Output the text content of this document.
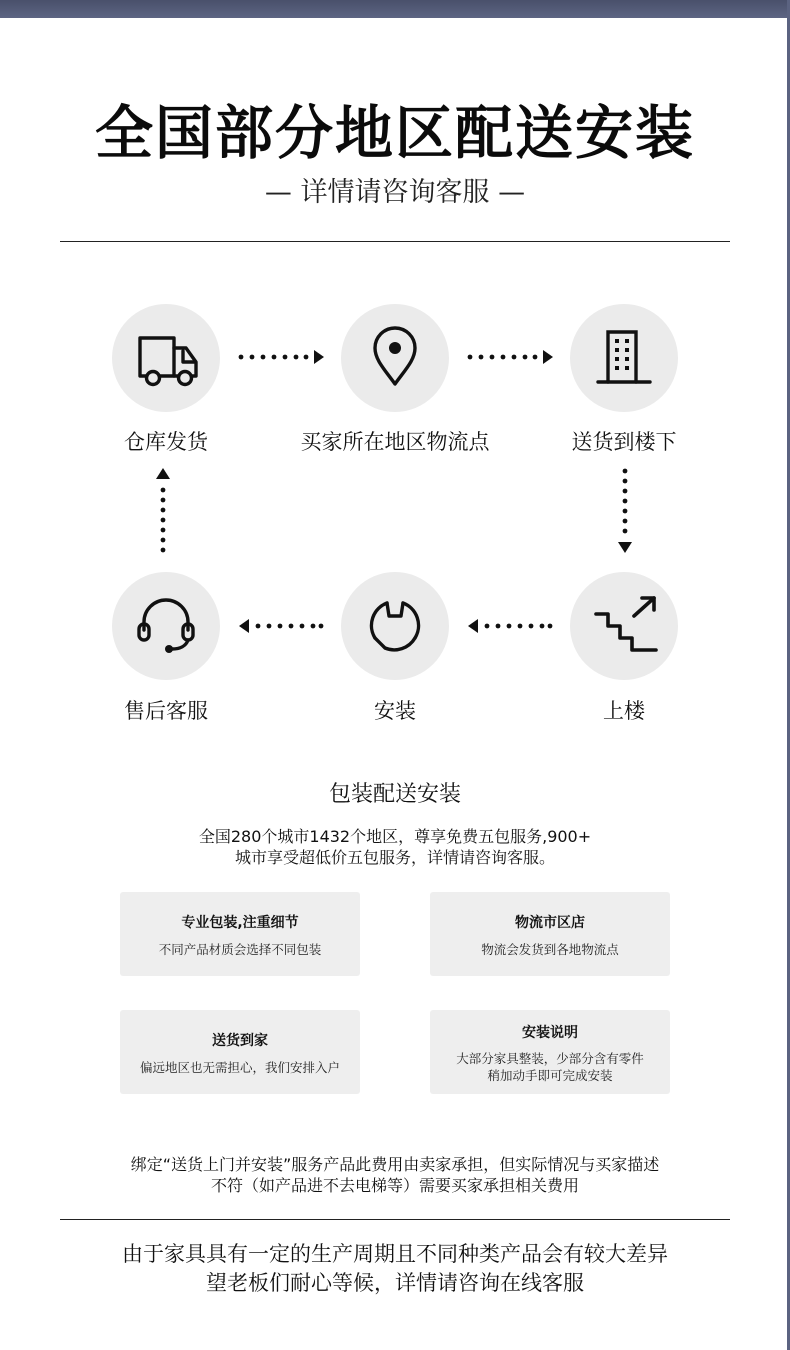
全国部分地区配送安装
— 详情请咨询客服 —
仓库发货	买家所在地区物流点	送货到楼下
上楼
安装
售后客服
包装配送安装
全国280个城市1432个地区，尊享免费五包服务,900+
城市享受超低价五包服务，详情请咨询客服。
专业包装,注重细节
不同产品材质会选择不同包装
物流市区店
物流会发货到各地物流点
送货到家
偏远地区也无需担心，我们安排入户
安装说明
大部分家具整装，少部分含有零件
稍加动手即可完成安装
绑定“送货上门并安装”服务产品此费用由卖家承担，但实际情况与买家描述
不符（如产品进不去电梯等）需要买家承担相关费用
由于家具具有一定的生产周期且不同种类产品会有较大差异
望老板们耐心等候，详情请咨询在线客服
